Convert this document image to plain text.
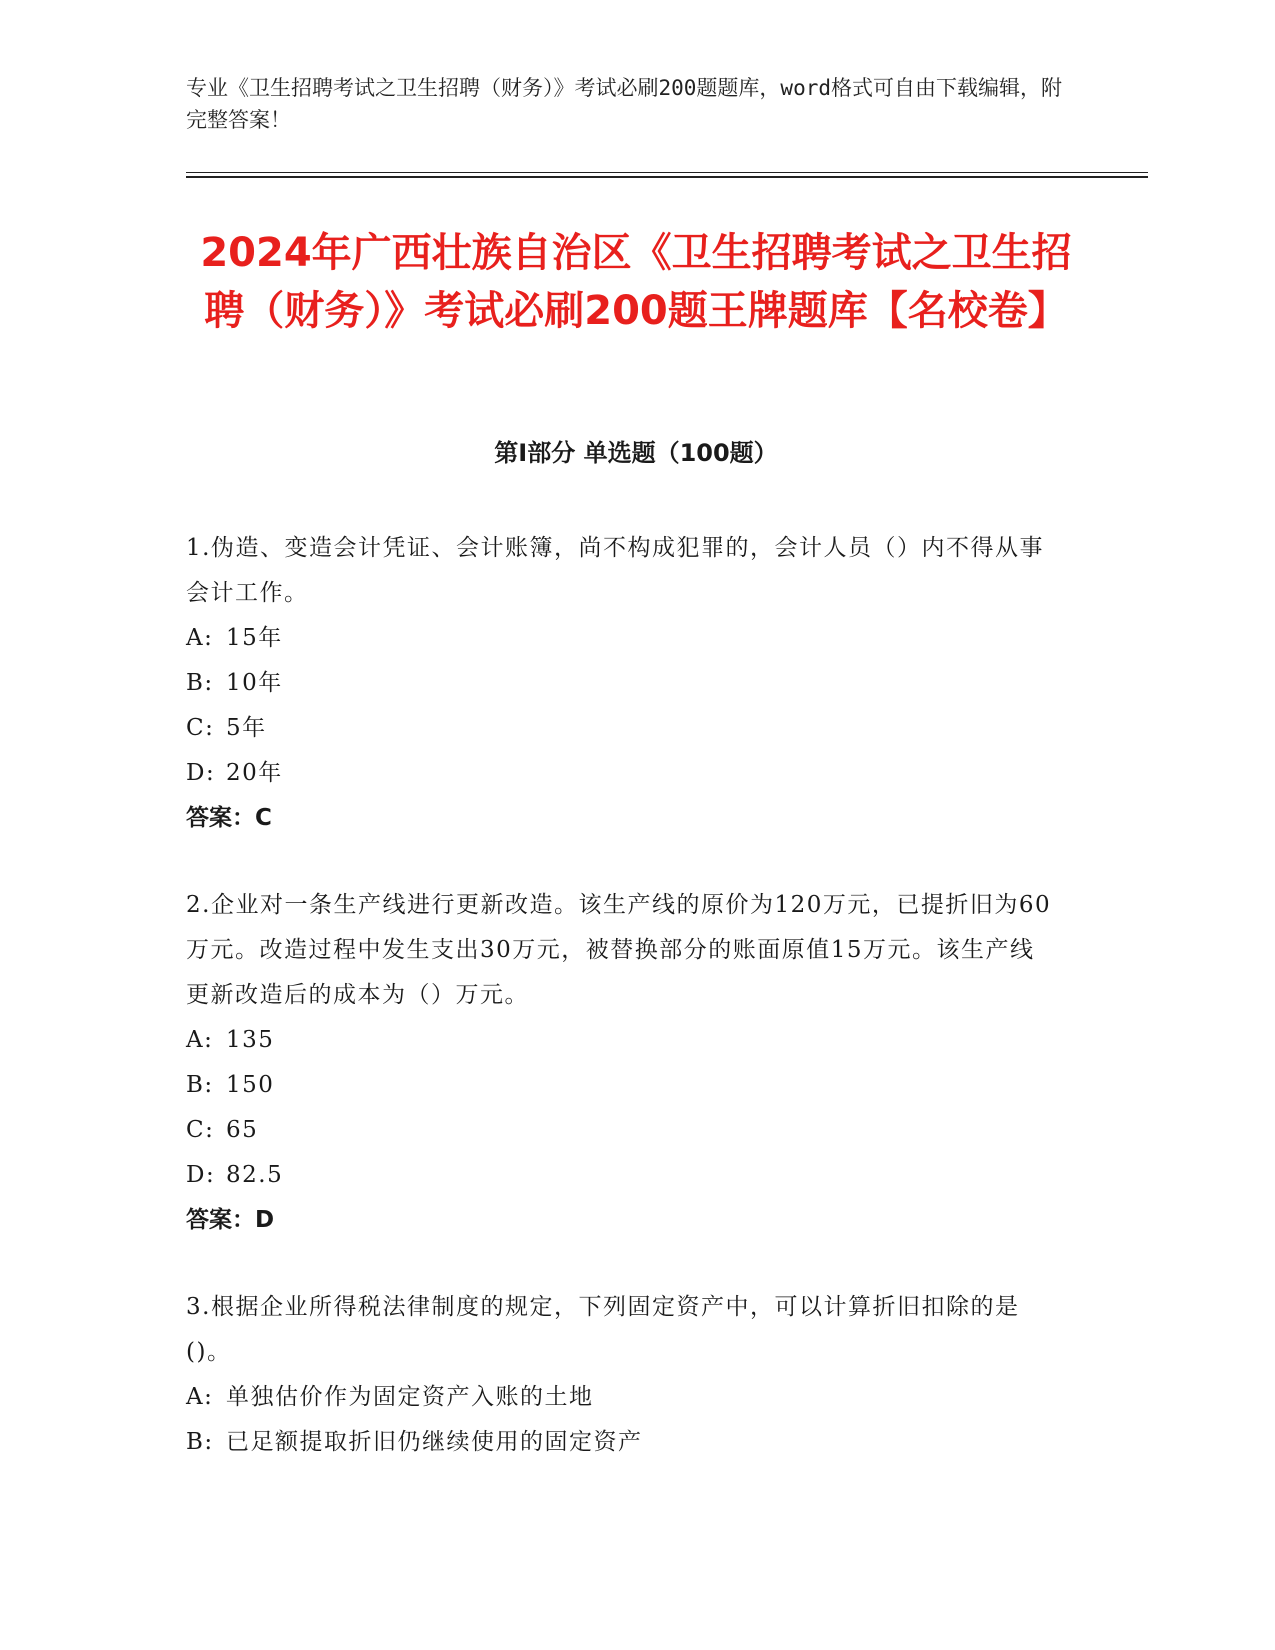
专业《卫生招聘考试之卫生招聘（财务）》考试必刷200题题库，word格式可自由下载编辑，附完整答案！
2024年广西壮族自治区《卫生招聘考试之卫生招聘（财务）》考试必刷200题王牌题库【名校卷】
第Ⅰ部分 单选题（100题）

1.伪造、变造会计凭证、会计账簿，尚不构成犯罪的，会计人员（）内不得从事会计工作。

A: 15年

B: 10年

C: 5年

D: 20年

答案：C

2.企业对一条生产线进行更新改造。该生产线的原价为120万元，已提折旧为60万元。改造过程中发生支出30万元，被替换部分的账面原值15万元。该生产线更新改造后的成本为（）万元。

A: 135

B: 150

C: 65

D: 82.5

答案：D

3.根据企业所得税法律制度的规定，下列固定资产中，可以计算折旧扣除的是()。

A: 单独估价作为固定资产入账的土地

B: 已足额提取折旧仍继续使用的固定资产
